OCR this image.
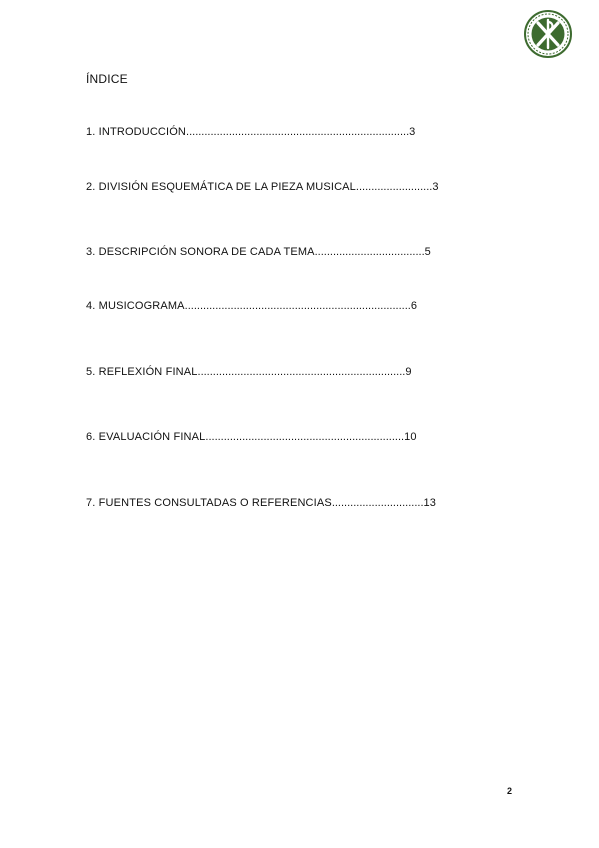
ÍNDICE
1. INTRODUCCIÓN.........................................................................3
2. DIVISIÓN ESQUEMÁTICA DE LA PIEZA MUSICAL.........................3
3. DESCRIPCIÓN SONORA DE CADA TEMA....................................5
4. MUSICOGRAMA..........................................................................6
5. REFLEXIÓN FINAL....................................................................9
6. EVALUACIÓN FINAL.................................................................10
7. FUENTES CONSULTADAS O REFERENCIAS..............................13
2
